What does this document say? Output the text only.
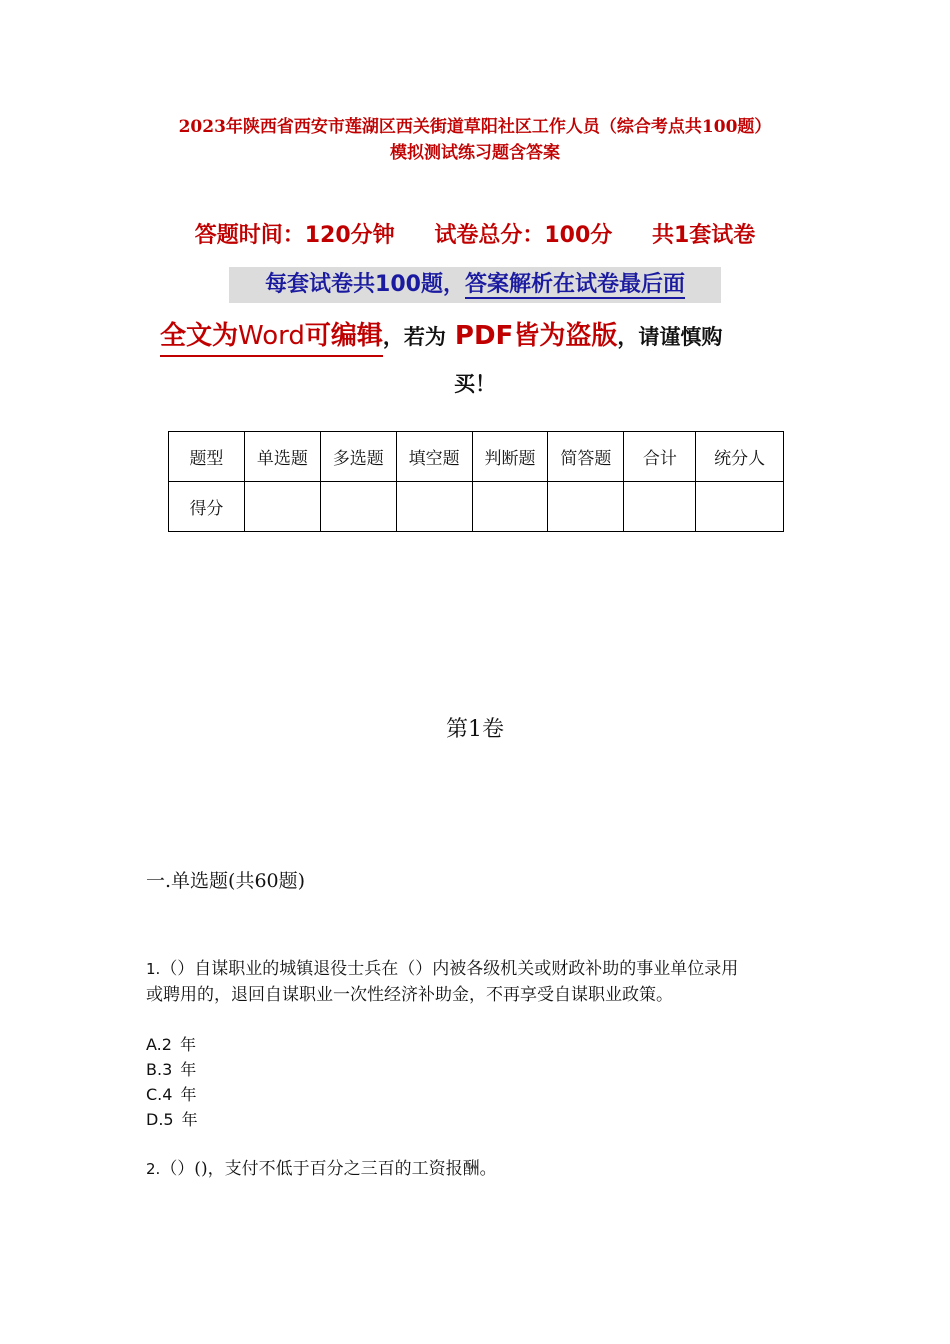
2023年陕西省西安市莲湖区西关街道草阳社区工作人员（综合考点共100题）
模拟测试练习题含答案
答题时间：120分钟 试卷总分：100分 共1套试卷
每套试卷共100题，答案解析在试卷最后面
全文为Word可编辑，若为 PDF皆为盗版，请谨慎购
买！
题型	单选题	多选题	填空题	判断题	简答题	合计	统分人
得分							
第1卷
一.单选题(共60题)
1.（）自谋职业的城镇退役士兵在（）内被各级机关或财政补助的事业单位录用
或聘用的，退回自谋职业一次性经济补助金，不再享受自谋职业政策。
A.2 年
B.3 年
C.4 年
D.5 年
2.（）()，支付不低于百分之三百的工资报酬。
